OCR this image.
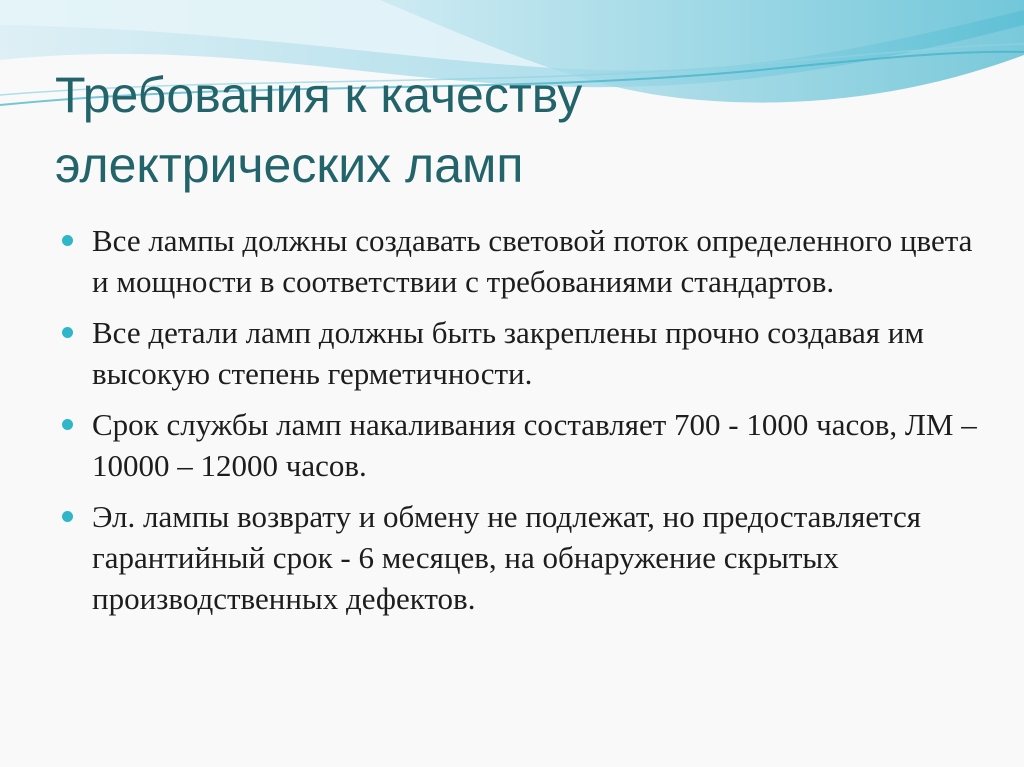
Требования к качеству
электрических ламп
Все лампы должны создавать световой поток определенного цвета и мощности в соответствии с требованиями стандартов.
Все детали ламп должны быть закреплены прочно создавая им высокую степень герметичности.
Срок службы ламп накаливания составляет 700 - 1000 часов, ЛМ – 10000 – 12000 часов.
Эл. лампы возврату и обмену не подлежат, но предоставляется гарантийный срок - 6 месяцев, на обнаружение скрытых производственных дефектов.
